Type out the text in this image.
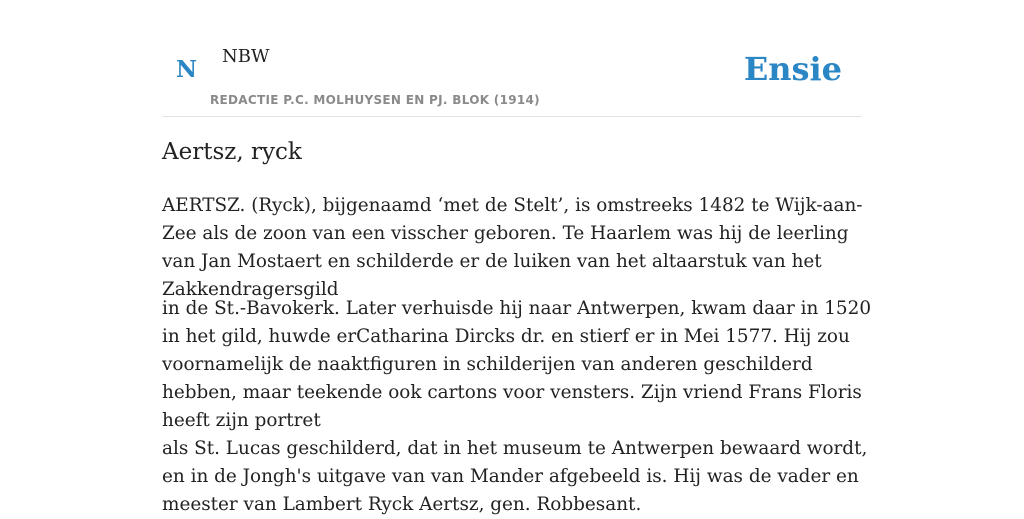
N NBW
REDACTIE P.C. MOLHUYSEN EN PJ. BLOK (1914)
Ensie
Aertsz, ryck

AERTSZ. (Ryck), bijgenaamd ‘met de Stelt’, is omstreeks 1482 te Wijk-aan-Zee als de zoon van een visscher geboren. Te Haarlem was hij de leerling van Jan Mostaert en schilderde er de luiken van het altaarstuk van het Zakkendragersgild

in de St.-Bavokerk. Later verhuisde hij naar Antwerpen, kwam daar in 1520 in het gild, huwde erCatharina Dircks dr. en stierf er in Mei 1577. Hij zou voornamelijk de naaktfiguren in schilderijen van anderen geschilderd hebben, maar teekende ook cartons voor vensters. Zijn vriend Frans Floris heeft zijn portret

als St. Lucas geschilderd, dat in het museum te Antwerpen bewaard wordt, en in de Jongh's uitgave van van Mander afgebeeld is. Hij was de vader en meester van Lambert Ryck Aertsz, gen. Robbesant.
